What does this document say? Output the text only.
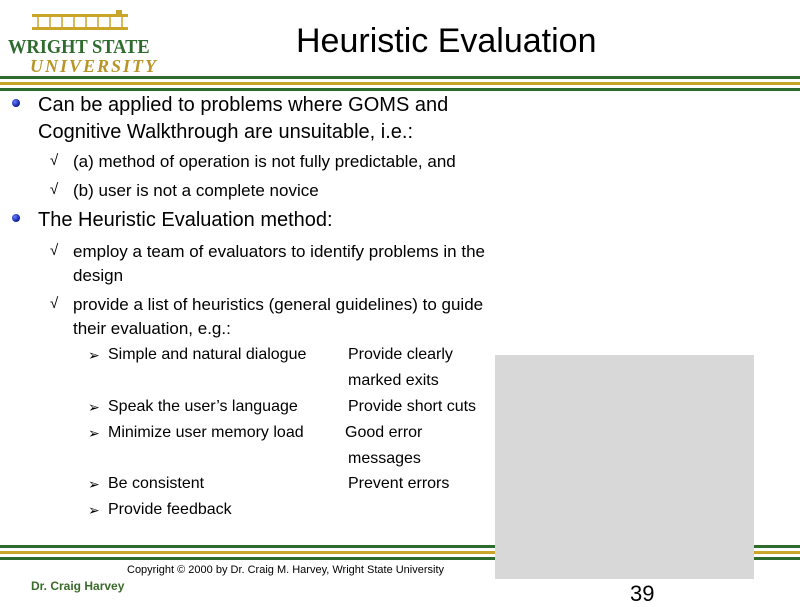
WRIGHT STATE
UNIVERSITY
Heuristic Evaluation
Can be applied to problems where GOMS and
Cognitive Walkthrough are unsuitable, i.e.:
√ (a) method of operation is not fully predictable, and
√ (b) user is not a complete novice
The Heuristic Evaluation method:
√ employ a team of evaluators to identify problems in the
design
√ provide a list of heuristics (general guidelines) to guide
their evaluation, e.g.:
➢ Simple and natural dialogue	Provide clearly
marked exits
➢ Speak the user’s language	Provide short cuts
➢ Minimize user memory load	Good error
messages
➢ Be consistent	Prevent errors
➢ Provide feedback
Copyright © 2000 by Dr. Craig M. Harvey, Wright State University
Dr. Craig Harvey	39
